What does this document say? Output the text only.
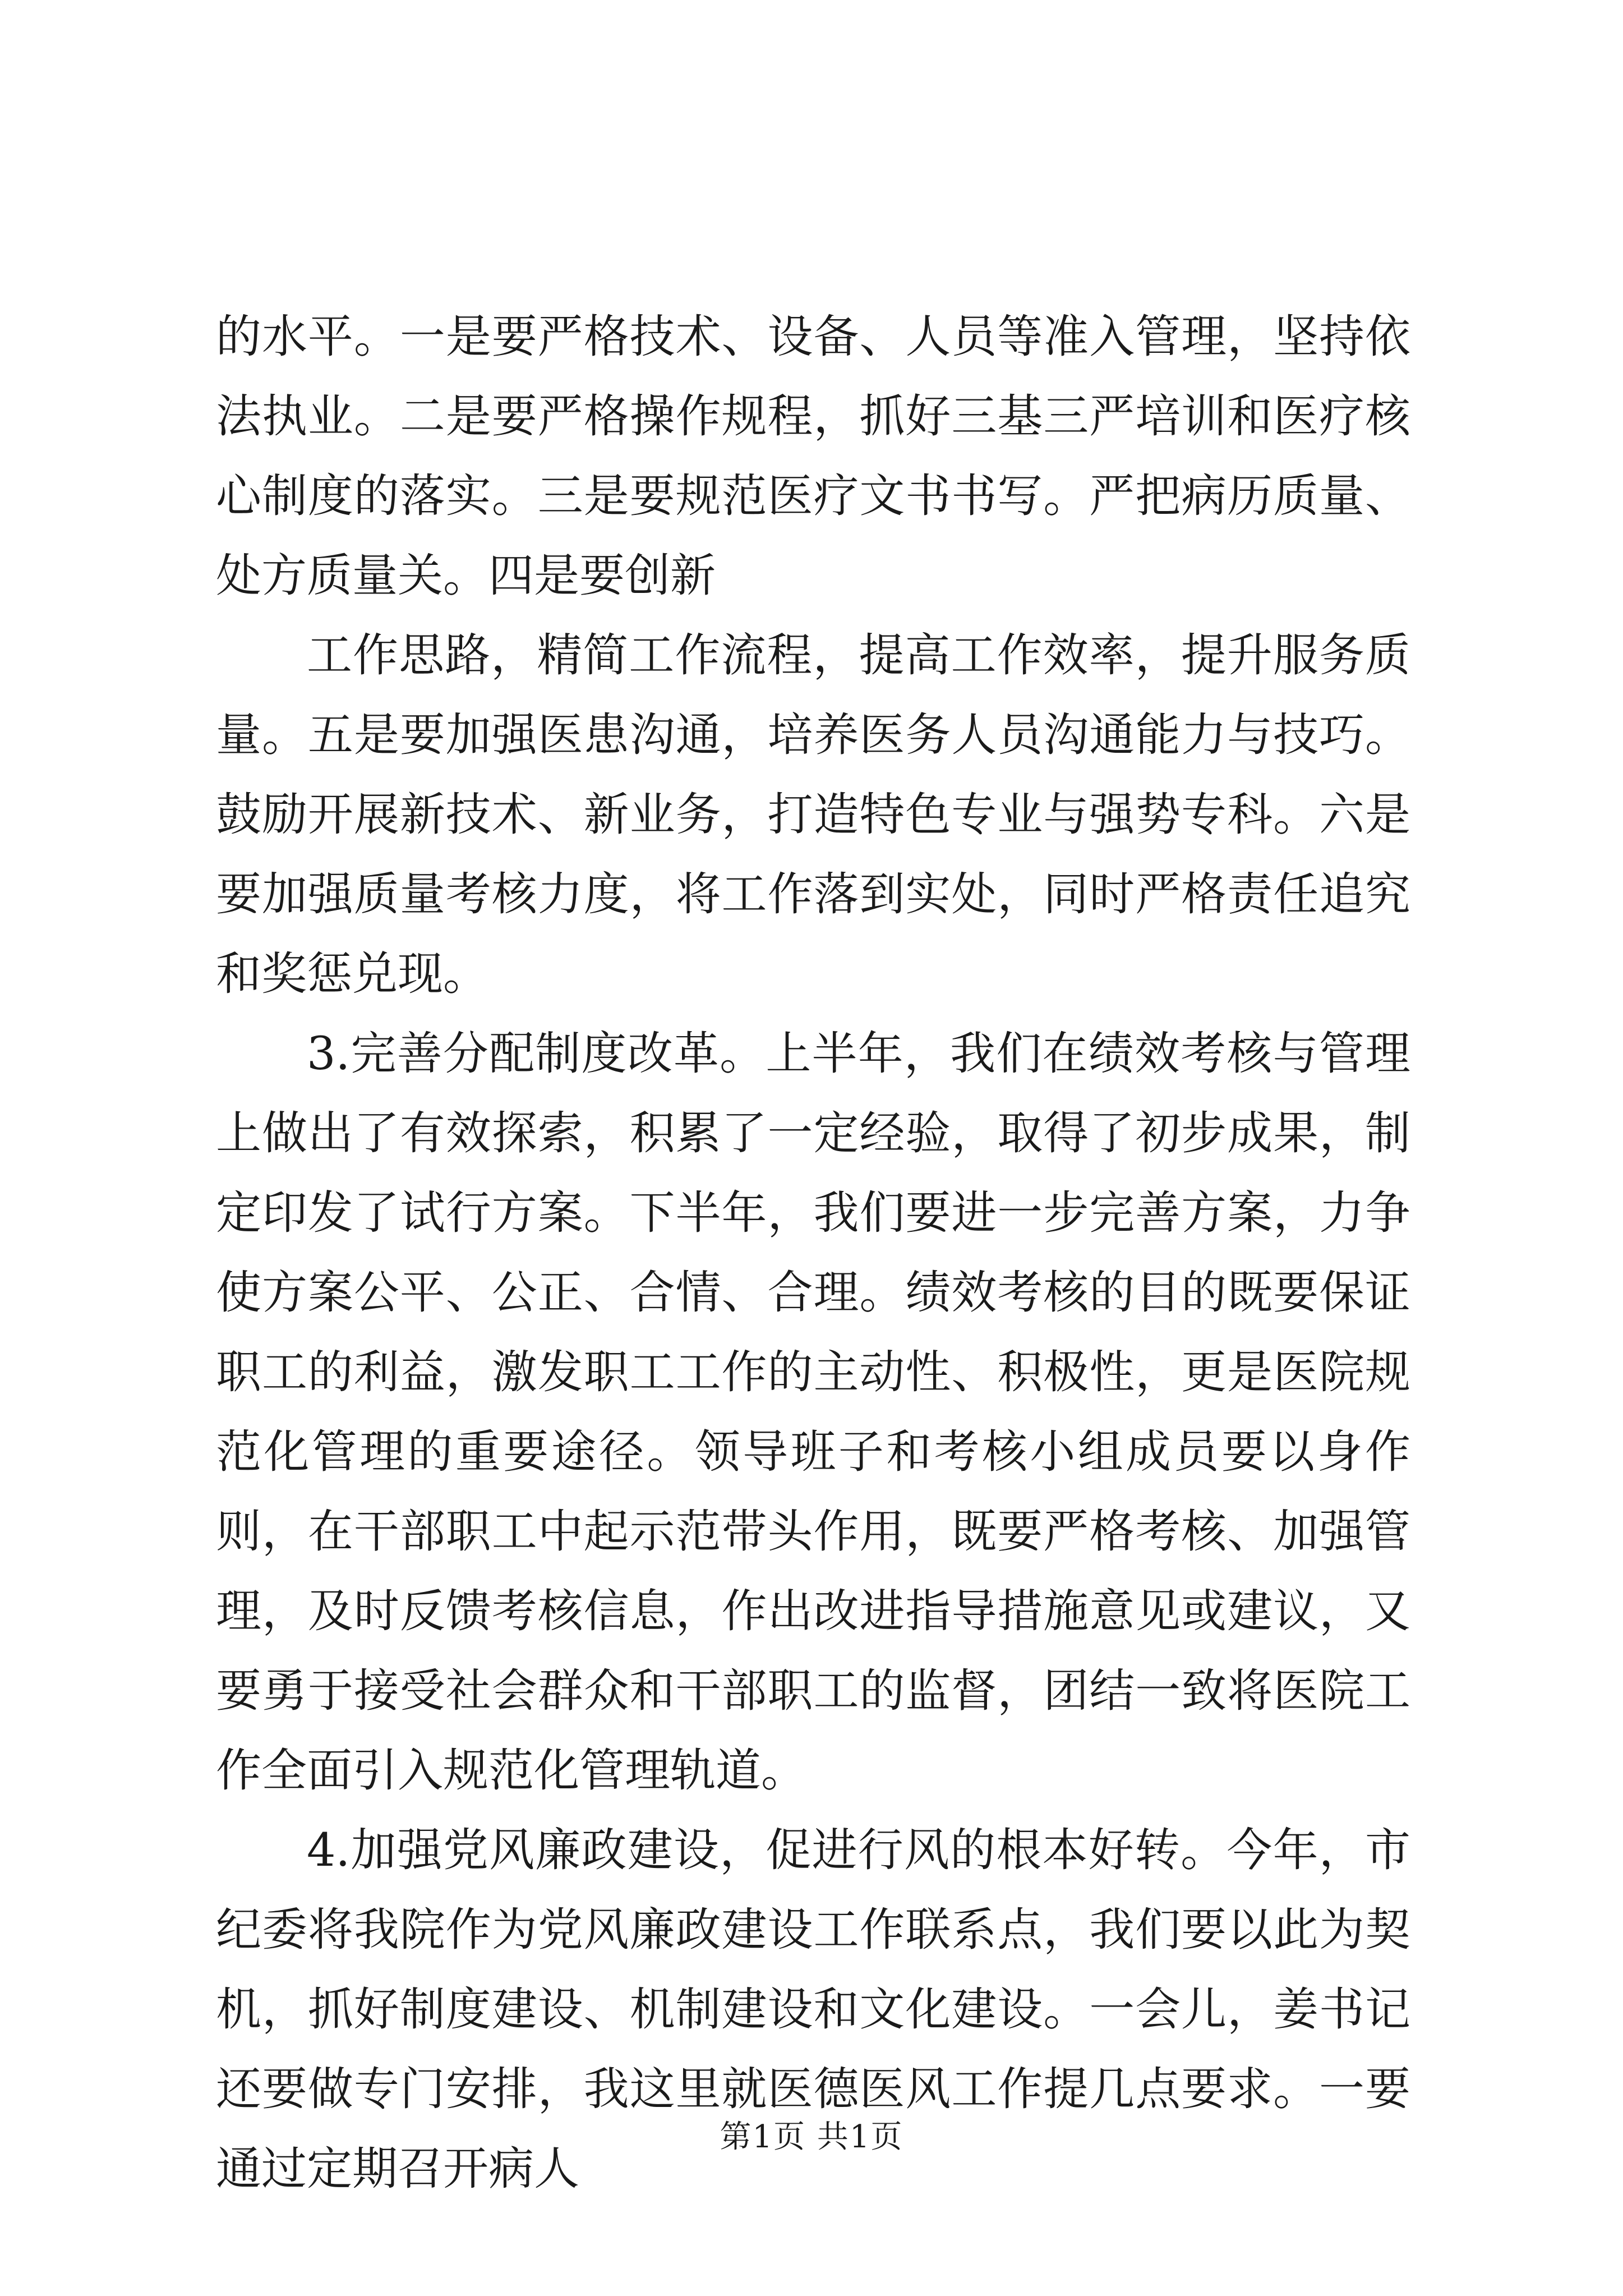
的水平。一是要严格技术、设备、人员等准入管理，坚持依法执业。二是要严格操作规程，抓好三基三严培训和医疗核心制度的落实。三是要规范医疗文书书写。严把病历质量、处方质量关。四是要创新

工作思路，精简工作流程，提高工作效率，提升服务质量。五是要加强医患沟通，培养医务人员沟通能力与技巧。鼓励开展新技术、新业务，打造特色专业与强势专科。六是要加强质量考核力度，将工作落到实处，同时严格责任追究和奖惩兑现。

3.完善分配制度改革。上半年，我们在绩效考核与管理上做出了有效探索，积累了一定经验，取得了初步成果，制定印发了试行方案。下半年，我们要进一步完善方案，力争使方案公平、公正、合情、合理。绩效考核的目的既要保证职工的利益，激发职工工作的主动性、积极性，更是医院规范化管理的重要途径。领导班子和考核小组成员要以身作则，在干部职工中起示范带头作用，既要严格考核、加强管理，及时反馈考核信息，作出改进指导措施意见或建议，又要勇于接受社会群众和干部职工的监督，团结一致将医院工作全面引入规范化管理轨道。

4.加强党风廉政建设，促进行风的根本好转。今年，市纪委将我院作为党风廉政建设工作联系点，我们要以此为契机，抓好制度建设、机制建设和文化建设。一会儿，姜书记还要做专门安排，我这里就医德医风工作提几点要求。一要通过定期召开病人

第1页 共1页
